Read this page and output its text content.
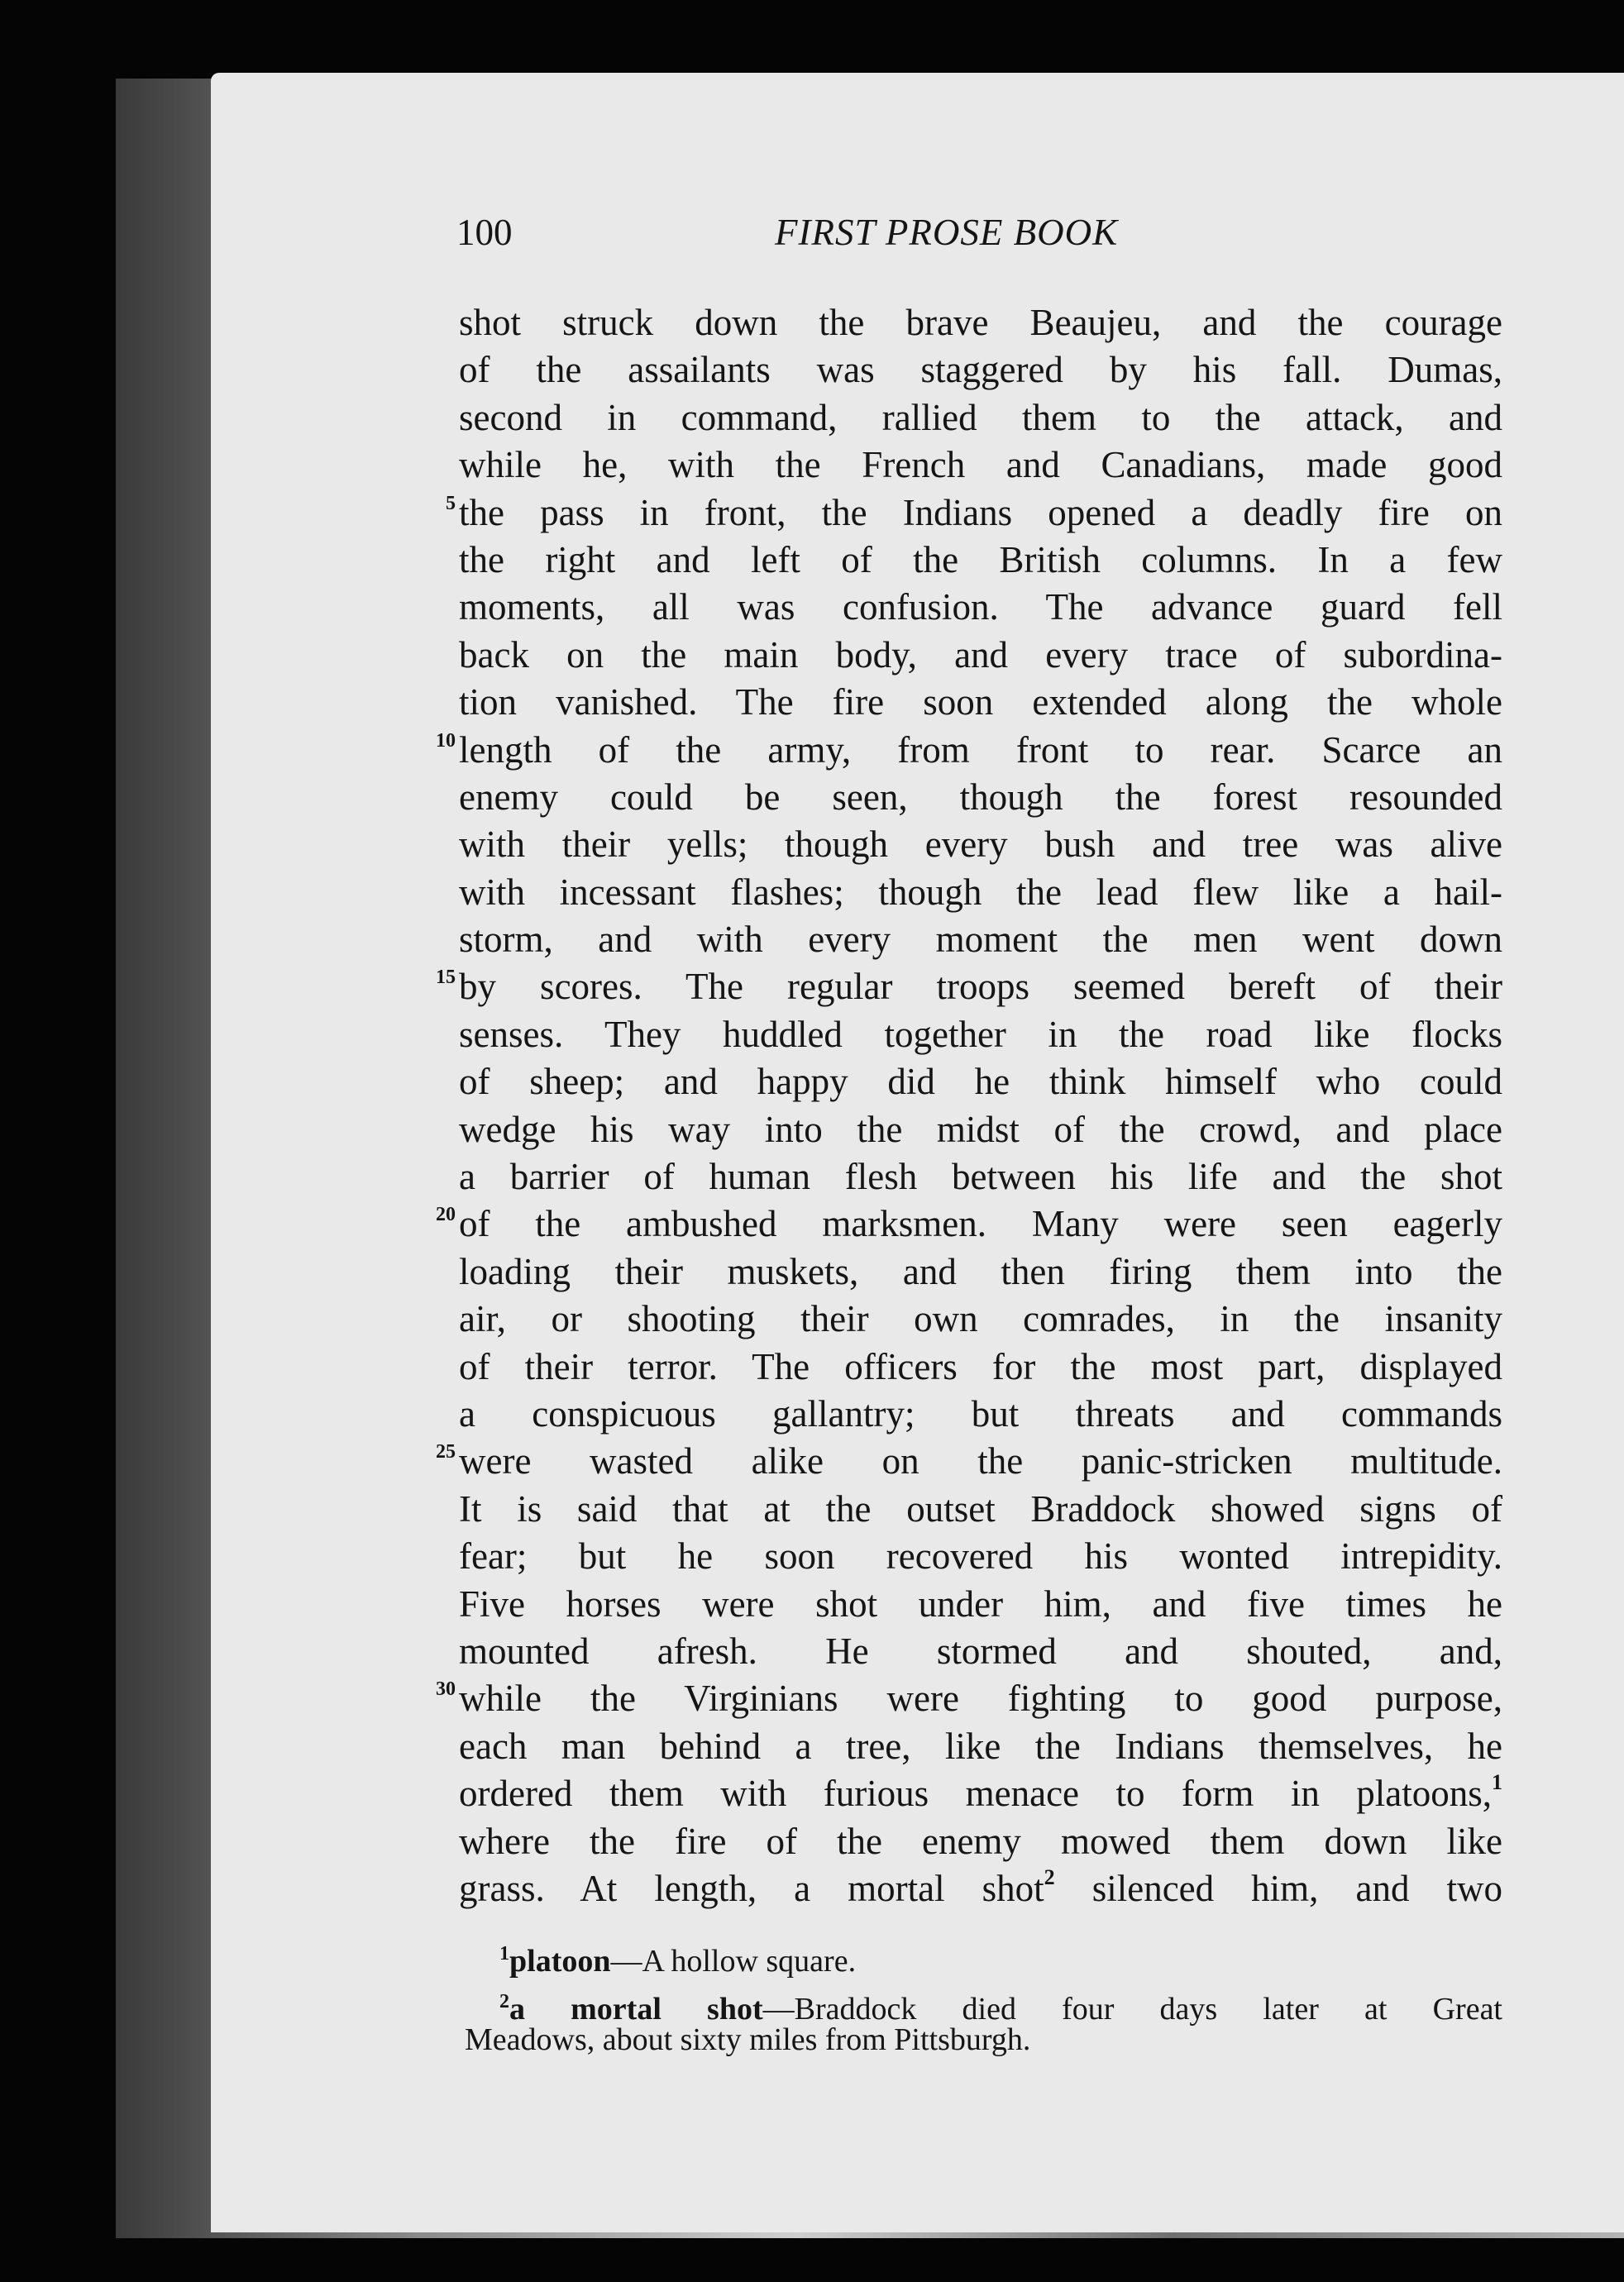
100	FIRST PROSE BOOK
shot struck down the brave Beaujeu, and the courage
of the assailants was staggered by his fall. Dumas,
second in command, rallied them to the attack, and
while he, with the French and Canadians, made good
5 the pass in front, the Indians opened a deadly fire on
the right and left of the British columns. In a few
moments, all was confusion. The advance guard fell
back on the main body, and every trace of subordina-
tion vanished. The fire soon extended along the whole
10 length of the army, from front to rear. Scarce an
enemy could be seen, though the forest resounded
with their yells; though every bush and tree was alive
with incessant flashes; though the lead flew like a hail-
storm, and with every moment the men went down
15 by scores. The regular troops seemed bereft of their
senses. They huddled together in the road like flocks
of sheep; and happy did he think himself who could
wedge his way into the midst of the crowd, and place
a barrier of human flesh between his life and the shot
20 of the ambushed marksmen. Many were seen eagerly
loading their muskets, and then firing them into the
air, or shooting their own comrades, in the insanity
of their terror. The officers for the most part, displayed
a conspicuous gallantry; but threats and commands
25 were wasted alike on the panic-stricken multitude.
It is said that at the outset Braddock showed signs of
fear; but he soon recovered his wonted intrepidity.
Five horses were shot under him, and five times he
mounted afresh. He stormed and shouted, and,
30 while the Virginians were fighting to good purpose,
each man behind a tree, like the Indians themselves, he
ordered them with furious menace to form in platoons,$^1$
where the fire of the enemy mowed them down like
grass. At length, a mortal shot$^2$ silenced him, and two
$^1$platoon—A hollow square.
$^2$a mortal shot—Braddock died four days later at Great
Meadows, about sixty miles from Pittsburgh.
